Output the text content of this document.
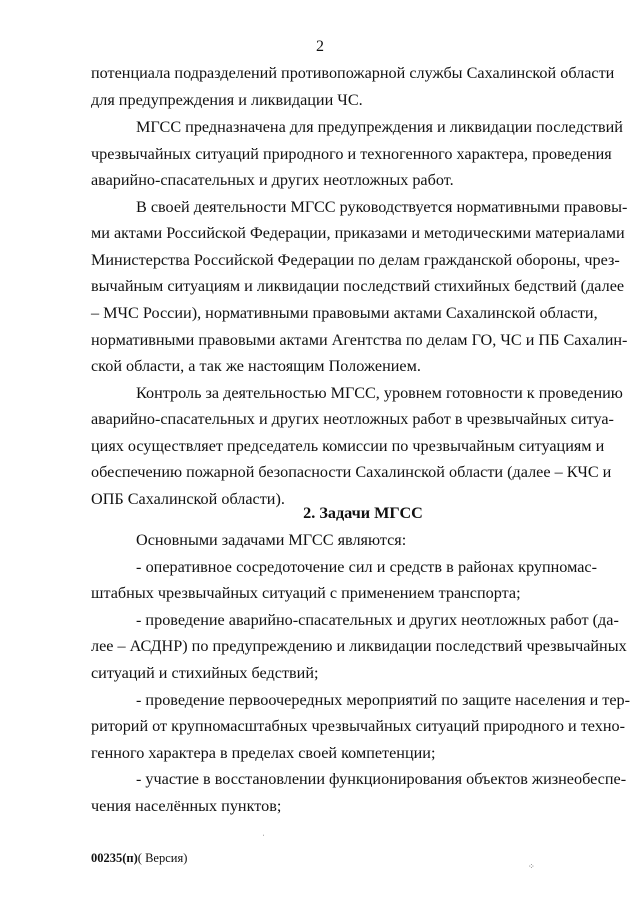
2
потенциала подразделений противопожарной службы Сахалинской области
для предупреждения и ликвидации ЧС.
МГСС предназначена для предупреждения и ликвидации последствий
чрезвычайных ситуаций природного и техногенного характера, проведения
аварийно-спасательных и других неотложных работ.
В своей деятельности МГСС руководствуется нормативными правовы-
ми актами Российской Федерации, приказами и методическими материалами
Министерства Российской Федерации по делам гражданской обороны, чрез-
вычайным ситуациям и ликвидации последствий стихийных бедствий (далее
– МЧС России), нормативными правовыми актами Сахалинской области,
нормативными правовыми актами Агентства по делам ГО, ЧС и ПБ Сахалин-
ской области, а так же настоящим Положением.
Контроль за деятельностью МГСС, уровнем готовности к проведению
аварийно-спасательных и других неотложных работ в чрезвычайных ситуа-
циях осуществляет председатель комиссии по чрезвычайным ситуациям и
обеспечению пожарной безопасности Сахалинской области (далее – КЧС и
ОПБ Сахалинской области).
2. Задачи МГСС
Основными задачами МГСС являются:
- оперативное сосредоточение сил и средств в районах крупномас-
штабных чрезвычайных ситуаций с применением транспорта;
- проведение аварийно-спасательных и других неотложных работ (да-
лее – АСДНР) по предупреждению и ликвидации последствий чрезвычайных
ситуаций и стихийных бедствий;
- проведение первоочередных мероприятий по защите населения и тер-
риторий от крупномасштабных чрезвычайных ситуаций природного и техно-
генного характера в пределах своей компетенции;
- участие в восстановлении функционирования объектов жизнеобеспе-
чения населённых пунктов;
00235(п)( Версия)
ˌ
⁘
